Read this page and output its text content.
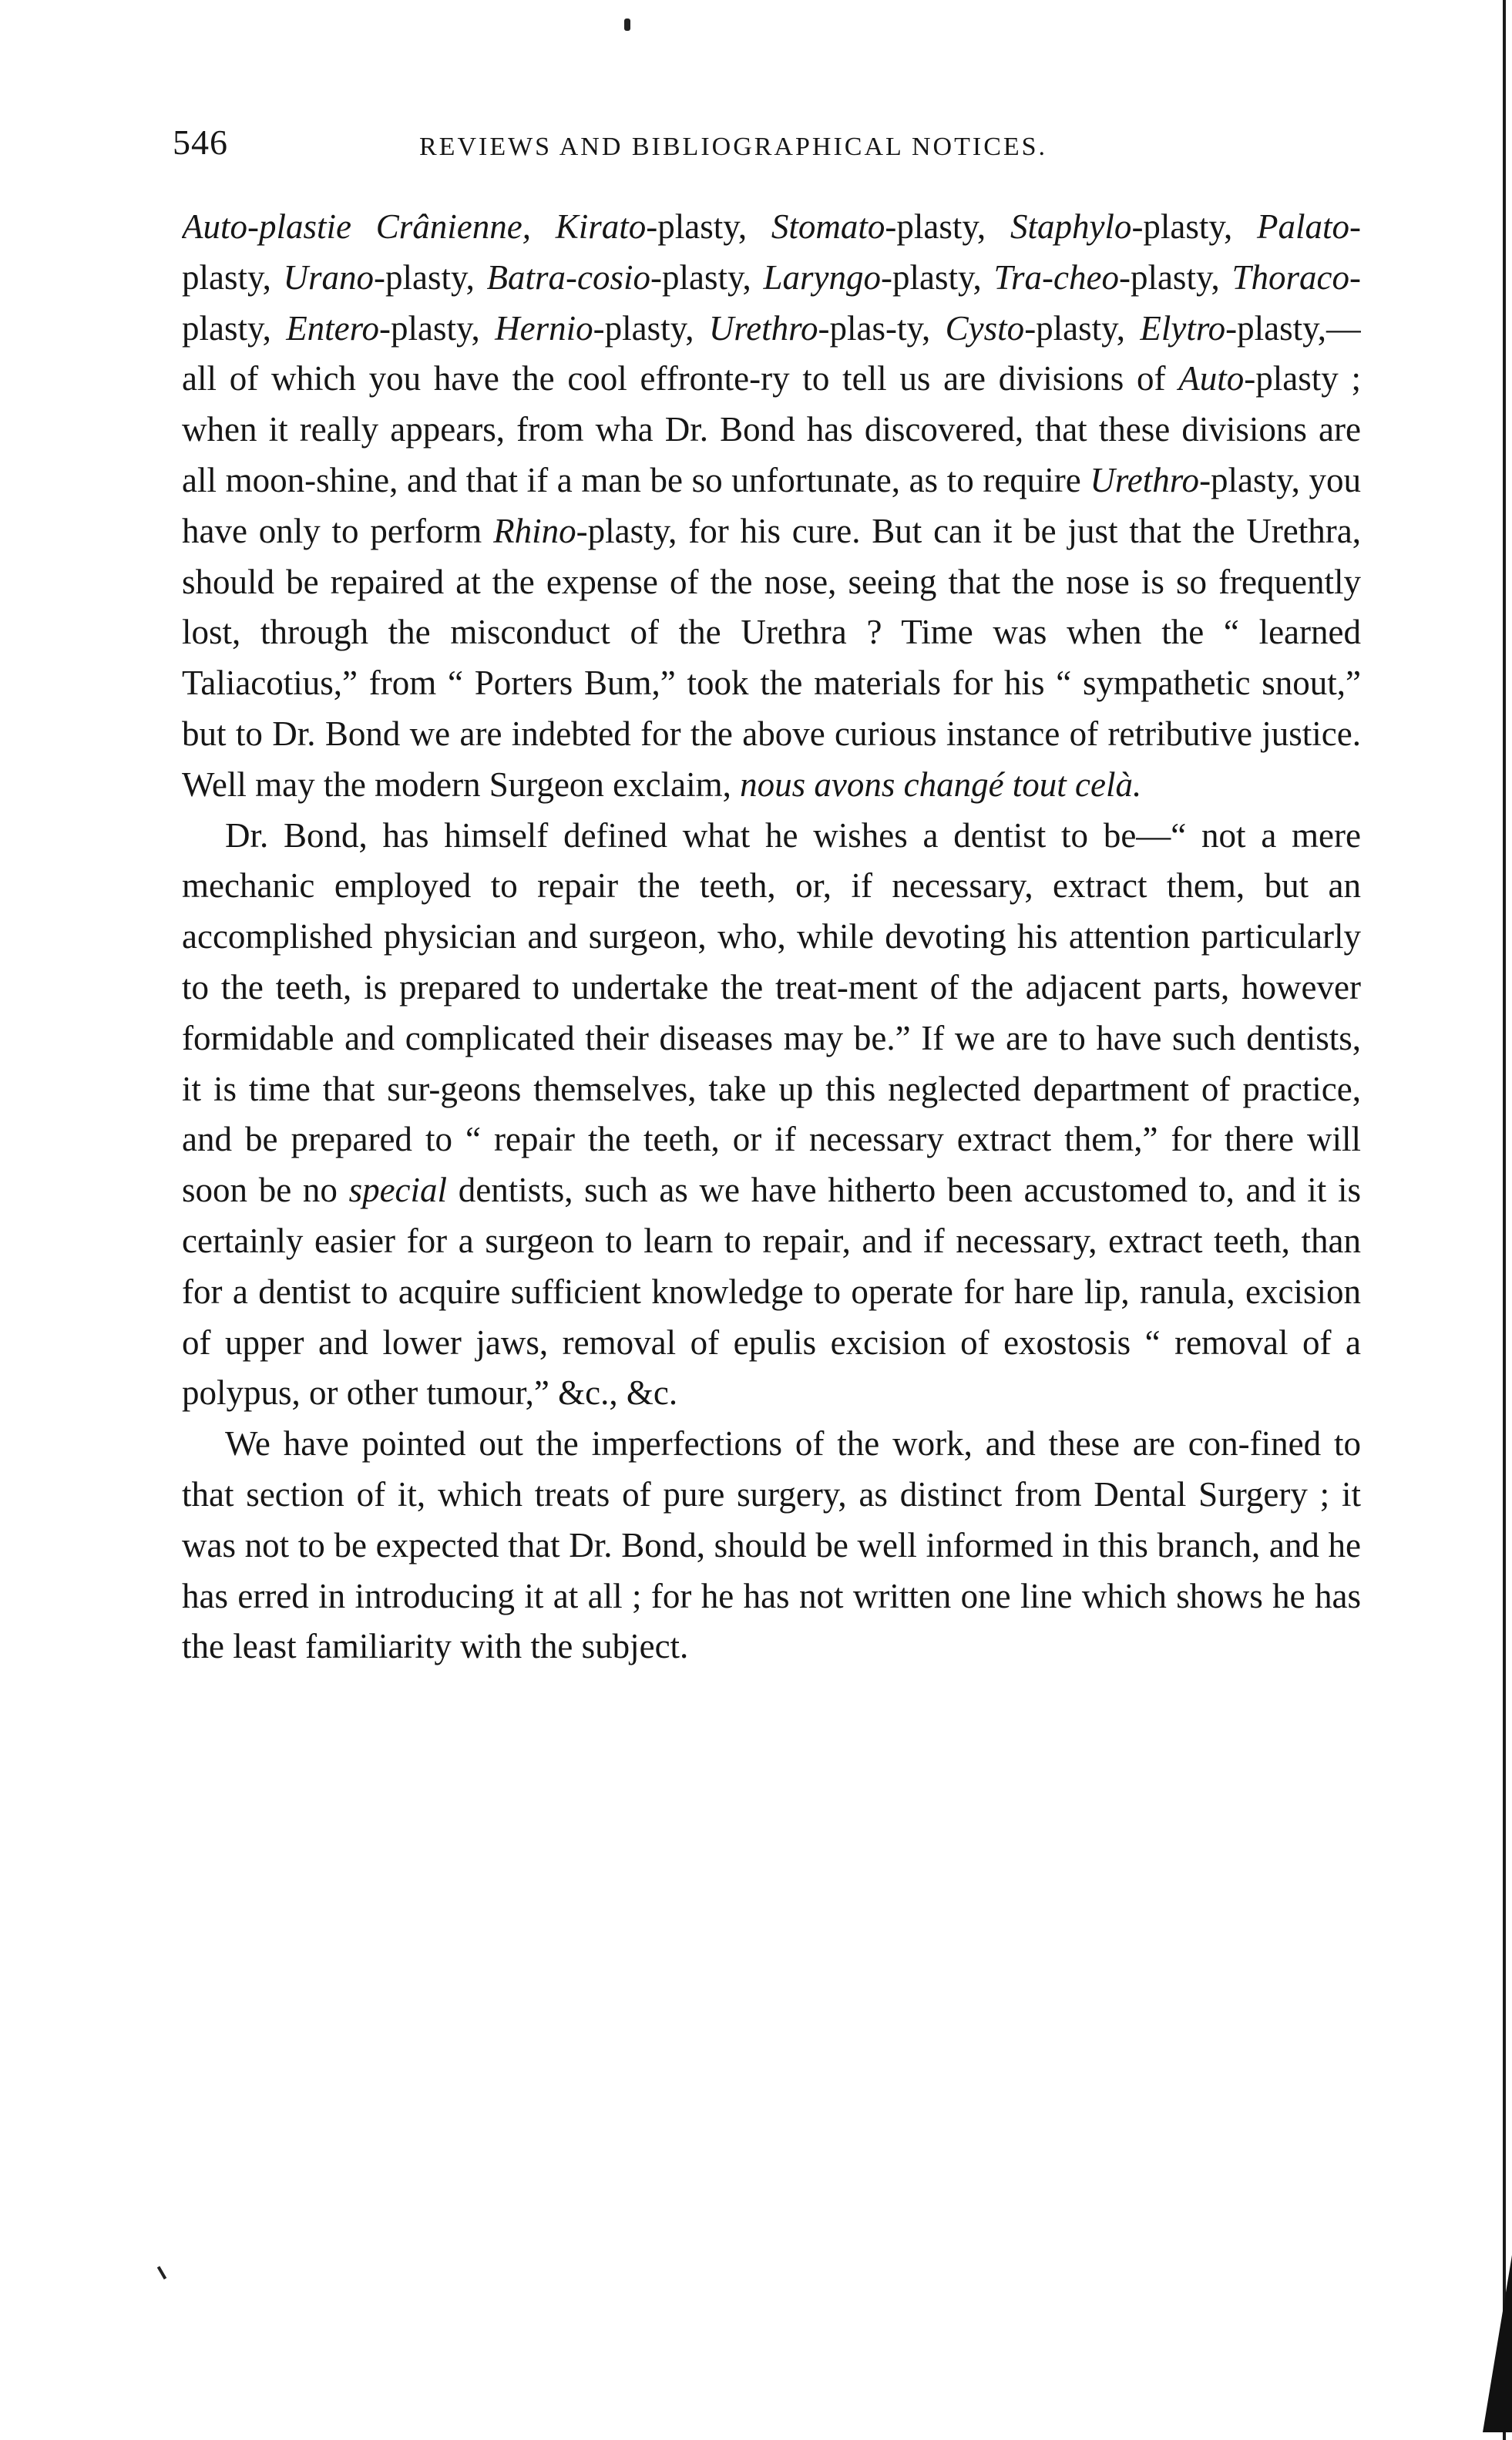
546	REVIEWS AND BIBLIOGRAPHICAL NOTICES.

Auto-plastie Crânienne, Kirato-plasty, Stomato-plasty, Staphylo-plasty, Palato-plasty, Urano-plasty, Batra-cosio-plasty, Laryngo-plasty, Tra-cheo-plasty, Thoraco-plasty, Entero-plasty, Hernio-plasty, Urethro-plas-ty, Cysto-plasty, Elytro-plasty,—all of which you have the cool effronte-ry to tell us are divisions of Auto-plasty ; when it really appears, from wha Dr. Bond has discovered, that these divisions are all moon-shine, and that if a man be so unfortunate, as to require Urethro-plasty, you have only to perform Rhino-plasty, for his cure. But can it be just that the Urethra, should be repaired at the expense of the nose, seeing that the nose is so frequently lost, through the misconduct of the Urethra ? Time was when the “ learned Taliacotius,” from “ Porters Bum,” took the materials for his “ sympathetic snout,” but to Dr. Bond we are indebted for the above curious instance of retributive justice. Well may the modern Surgeon exclaim, nous avons changé tout celà.

Dr. Bond, has himself defined what he wishes a dentist to be—“ not a mere mechanic employed to repair the teeth, or, if necessary, extract them, but an accomplished physician and surgeon, who, while devoting his attention particularly to the teeth, is prepared to undertake the treat-ment of the adjacent parts, however formidable and complicated their diseases may be.” If we are to have such dentists, it is time that sur-geons themselves, take up this neglected department of practice, and be prepared to “ repair the teeth, or if necessary extract them,” for there will soon be no special dentists, such as we have hitherto been accustomed to, and it is certainly easier for a surgeon to learn to repair, and if necessary, extract teeth, than for a dentist to acquire sufficient knowledge to operate for hare lip, ranula, excision of upper and lower jaws, removal of epulis excision of exostosis “ removal of a polypus, or other tumour,” &c., &c.

We have pointed out the imperfections of the work, and these are con-fined to that section of it, which treats of pure surgery, as distinct from Dental Surgery ; it was not to be expected that Dr. Bond, should be well informed in this branch, and he has erred in introducing it at all ; for he has not written one line which shows he has the least familiarity with the subject.
